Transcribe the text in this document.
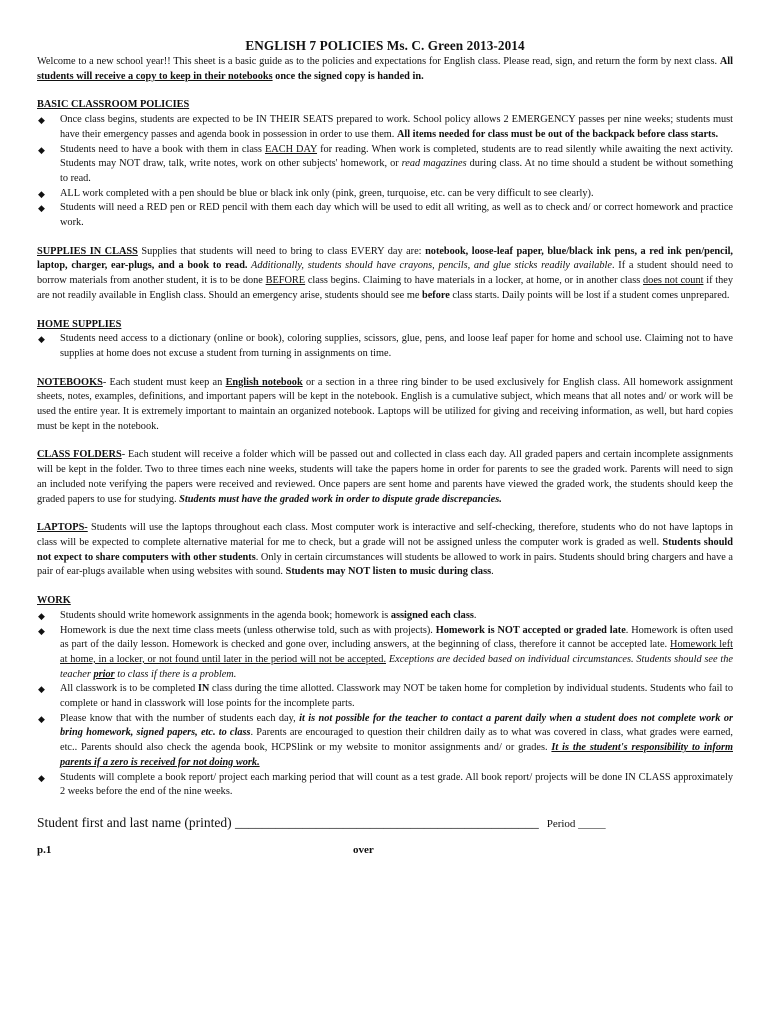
ENGLISH 7 POLICIES Ms. C. Green 2013-2014

Welcome to a new school year!! This sheet is a basic guide as to the policies and expectations for English class. Please read, sign, and return the form by next class. All students will receive a copy to keep in their notebooks once the signed copy is handed in.

BASIC CLASSROOM POLICIES
◆ Once class begins, students are expected to be IN THEIR SEATS prepared to work. School policy allows 2 EMERGENCY passes per nine weeks; students must have their emergency passes and agenda book in possession in order to use them. All items needed for class must be out of the backpack before class starts.
◆ Students need to have a book with them in class EACH DAY for reading. When work is completed, students are to read silently while awaiting the next activity. Students may NOT draw, talk, write notes, work on other subjects' homework, or read magazines during class. At no time should a student be without something to read.
◆ ALL work completed with a pen should be blue or black ink only (pink, green, turquoise, etc. can be very difficult to see clearly).
◆ Students will need a RED pen or RED pencil with them each day which will be used to edit all writing, as well as to check and/ or correct homework and practice work.

SUPPLIES IN CLASS Supplies that students will need to bring to class EVERY day are: notebook, loose-leaf paper, blue/black ink pens, a red ink pen/pencil, laptop, charger, ear-plugs, and a book to read. Additionally, students should have crayons, pencils, and glue sticks readily available. If a student should need to borrow materials from another student, it is to be done BEFORE class begins. Claiming to have materials in a locker, at home, or in another class does not count if they are not readily available in English class. Should an emergency arise, students should see me before class starts. Daily points will be lost if a student comes unprepared.

HOME SUPPLIES
◆ Students need access to a dictionary (online or book), coloring supplies, scissors, glue, pens, and loose leaf paper for home and school use. Claiming not to have supplies at home does not excuse a student from turning in assignments on time.

NOTEBOOKS- Each student must keep an English notebook or a section in a three ring binder to be used exclusively for English class. All homework assignment sheets, notes, examples, definitions, and important papers will be kept in the notebook. English is a cumulative subject, which means that all notes and/ or work will be used the entire year. It is extremely important to maintain an organized notebook. Laptops will be utilized for giving and receiving information, as well, but hard copies must be kept in the notebook.

CLASS FOLDERS- Each student will receive a folder which will be passed out and collected in class each day. All graded papers and certain incomplete assignments will be kept in the folder. Two to three times each nine weeks, students will take the papers home in order for parents to see the graded work. Parents will need to sign an included note verifying the papers were received and reviewed. Once papers are sent home and parents have viewed the graded work, the students should keep the graded papers to use for studying. Students must have the graded work in order to dispute grade discrepancies.

LAPTOPS- Students will use the laptops throughout each class. Most computer work is interactive and self-checking, therefore, students who do not have laptops in class will be expected to complete alternative material for me to check, but a grade will not be assigned unless the computer work is graded as well. Students should not expect to share computers with other students. Only in certain circumstances will students be allowed to work in pairs. Students should bring chargers and have a pair of ear-plugs available when using websites with sound. Students may NOT listen to music during class.

WORK
◆ Students should write homework assignments in the agenda book; homework is assigned each class.
◆ Homework is due the next time class meets (unless otherwise told, such as with projects). Homework is NOT accepted or graded late. Homework is often used as part of the daily lesson. Homework is checked and gone over, including answers, at the beginning of class, therefore it cannot be accepted late. Homework left at home, in a locker, or not found until later in the period will not be accepted. Exceptions are decided based on individual circumstances. Students should see the teacher prior to class if there is a problem.
◆ All classwork is to be completed IN class during the time allotted. Classwork may NOT be taken home for completion by individual students. Students who fail to complete or hand in classwork will lose points for the incomplete parts.
◆ Please know that with the number of students each day, it is not possible for the teacher to contact a parent daily when a student does not complete work or bring homework, signed papers, etc. to class. Parents are encouraged to question their children daily as to what was covered in class, what grades were earned, etc.. Parents should also check the agenda book, HCPSlink or my website to monitor assignments and/ or grades. It is the student's responsibility to inform parents if a zero is received for not doing work.
◆ Students will complete a book report/ project each marking period that will count as a test grade. All book report/ projects will be done IN CLASS approximately 2 weeks before the end of the nine weeks.
Student first and last name (printed) _____________________________________________ Period _____
p.1	over
